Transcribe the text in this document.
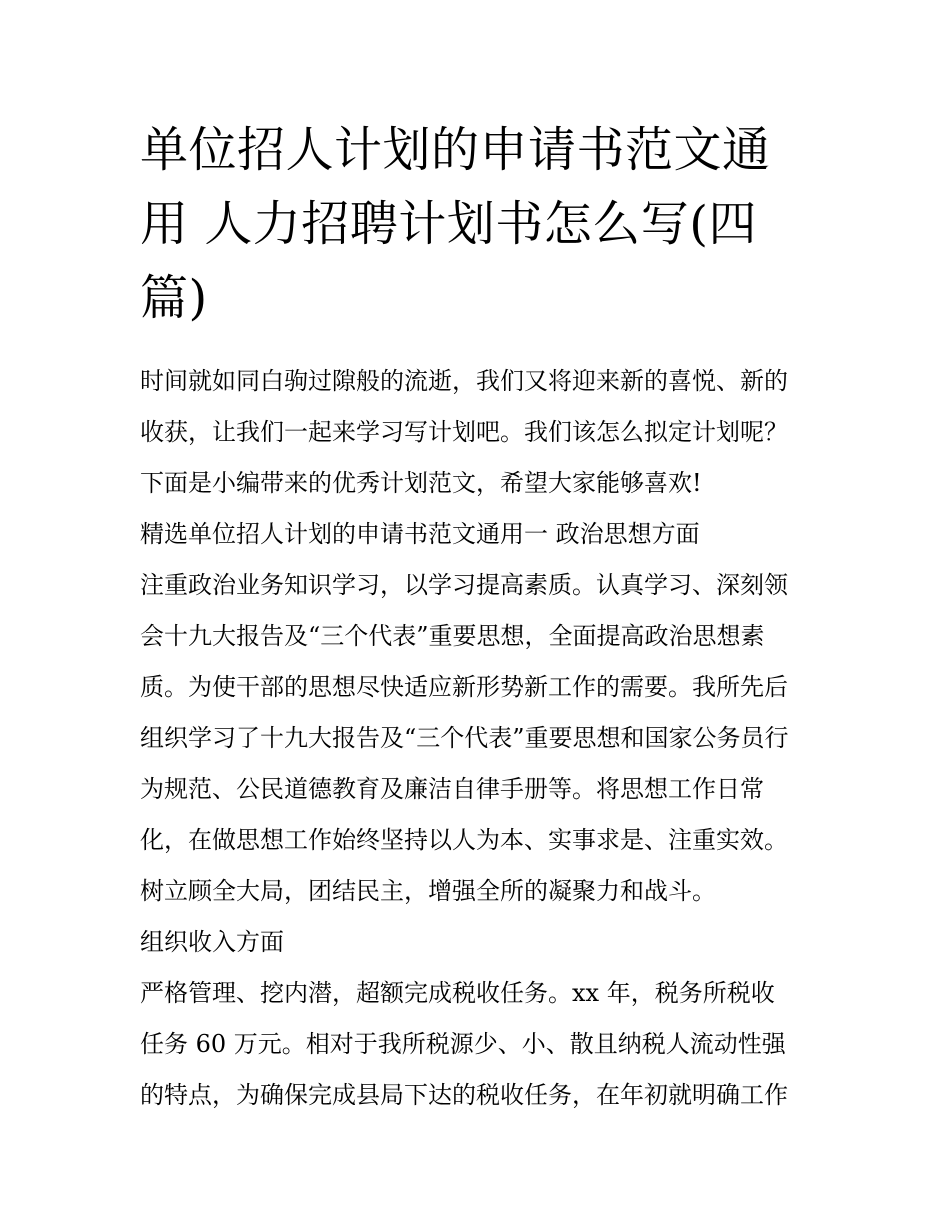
单位招人计划的申请书范文通
用 人力招聘计划书怎么写(四
篇)
时间就如同白驹过隙般的流逝，我们又将迎来新的喜悦、新的
收获，让我们一起来学习写计划吧。我们该怎么拟定计划呢？
下面是小编带来的优秀计划范文，希望大家能够喜欢!
精选单位招人计划的申请书范文通用一 政治思想方面
注重政治业务知识学习，以学习提高素质。认真学习、深刻领
会十九大报告及“三个代表”重要思想，全面提高政治思想素
质。为使干部的思想尽快适应新形势新工作的需要。我所先后
组织学习了十九大报告及“三个代表”重要思想和国家公务员行
为规范、公民道德教育及廉洁自律手册等。将思想工作日常
化，在做思想工作始终坚持以人为本、实事求是、注重实效。
树立顾全大局，团结民主，增强全所的凝聚力和战斗。
组织收入方面
严格管理、挖内潜，超额完成税收任务。xx 年，税务所税收
任务 60 万元。相对于我所税源少、小、散且纳税人流动性强
的特点，为确保完成县局下达的税收任务，在年初就明确工作
